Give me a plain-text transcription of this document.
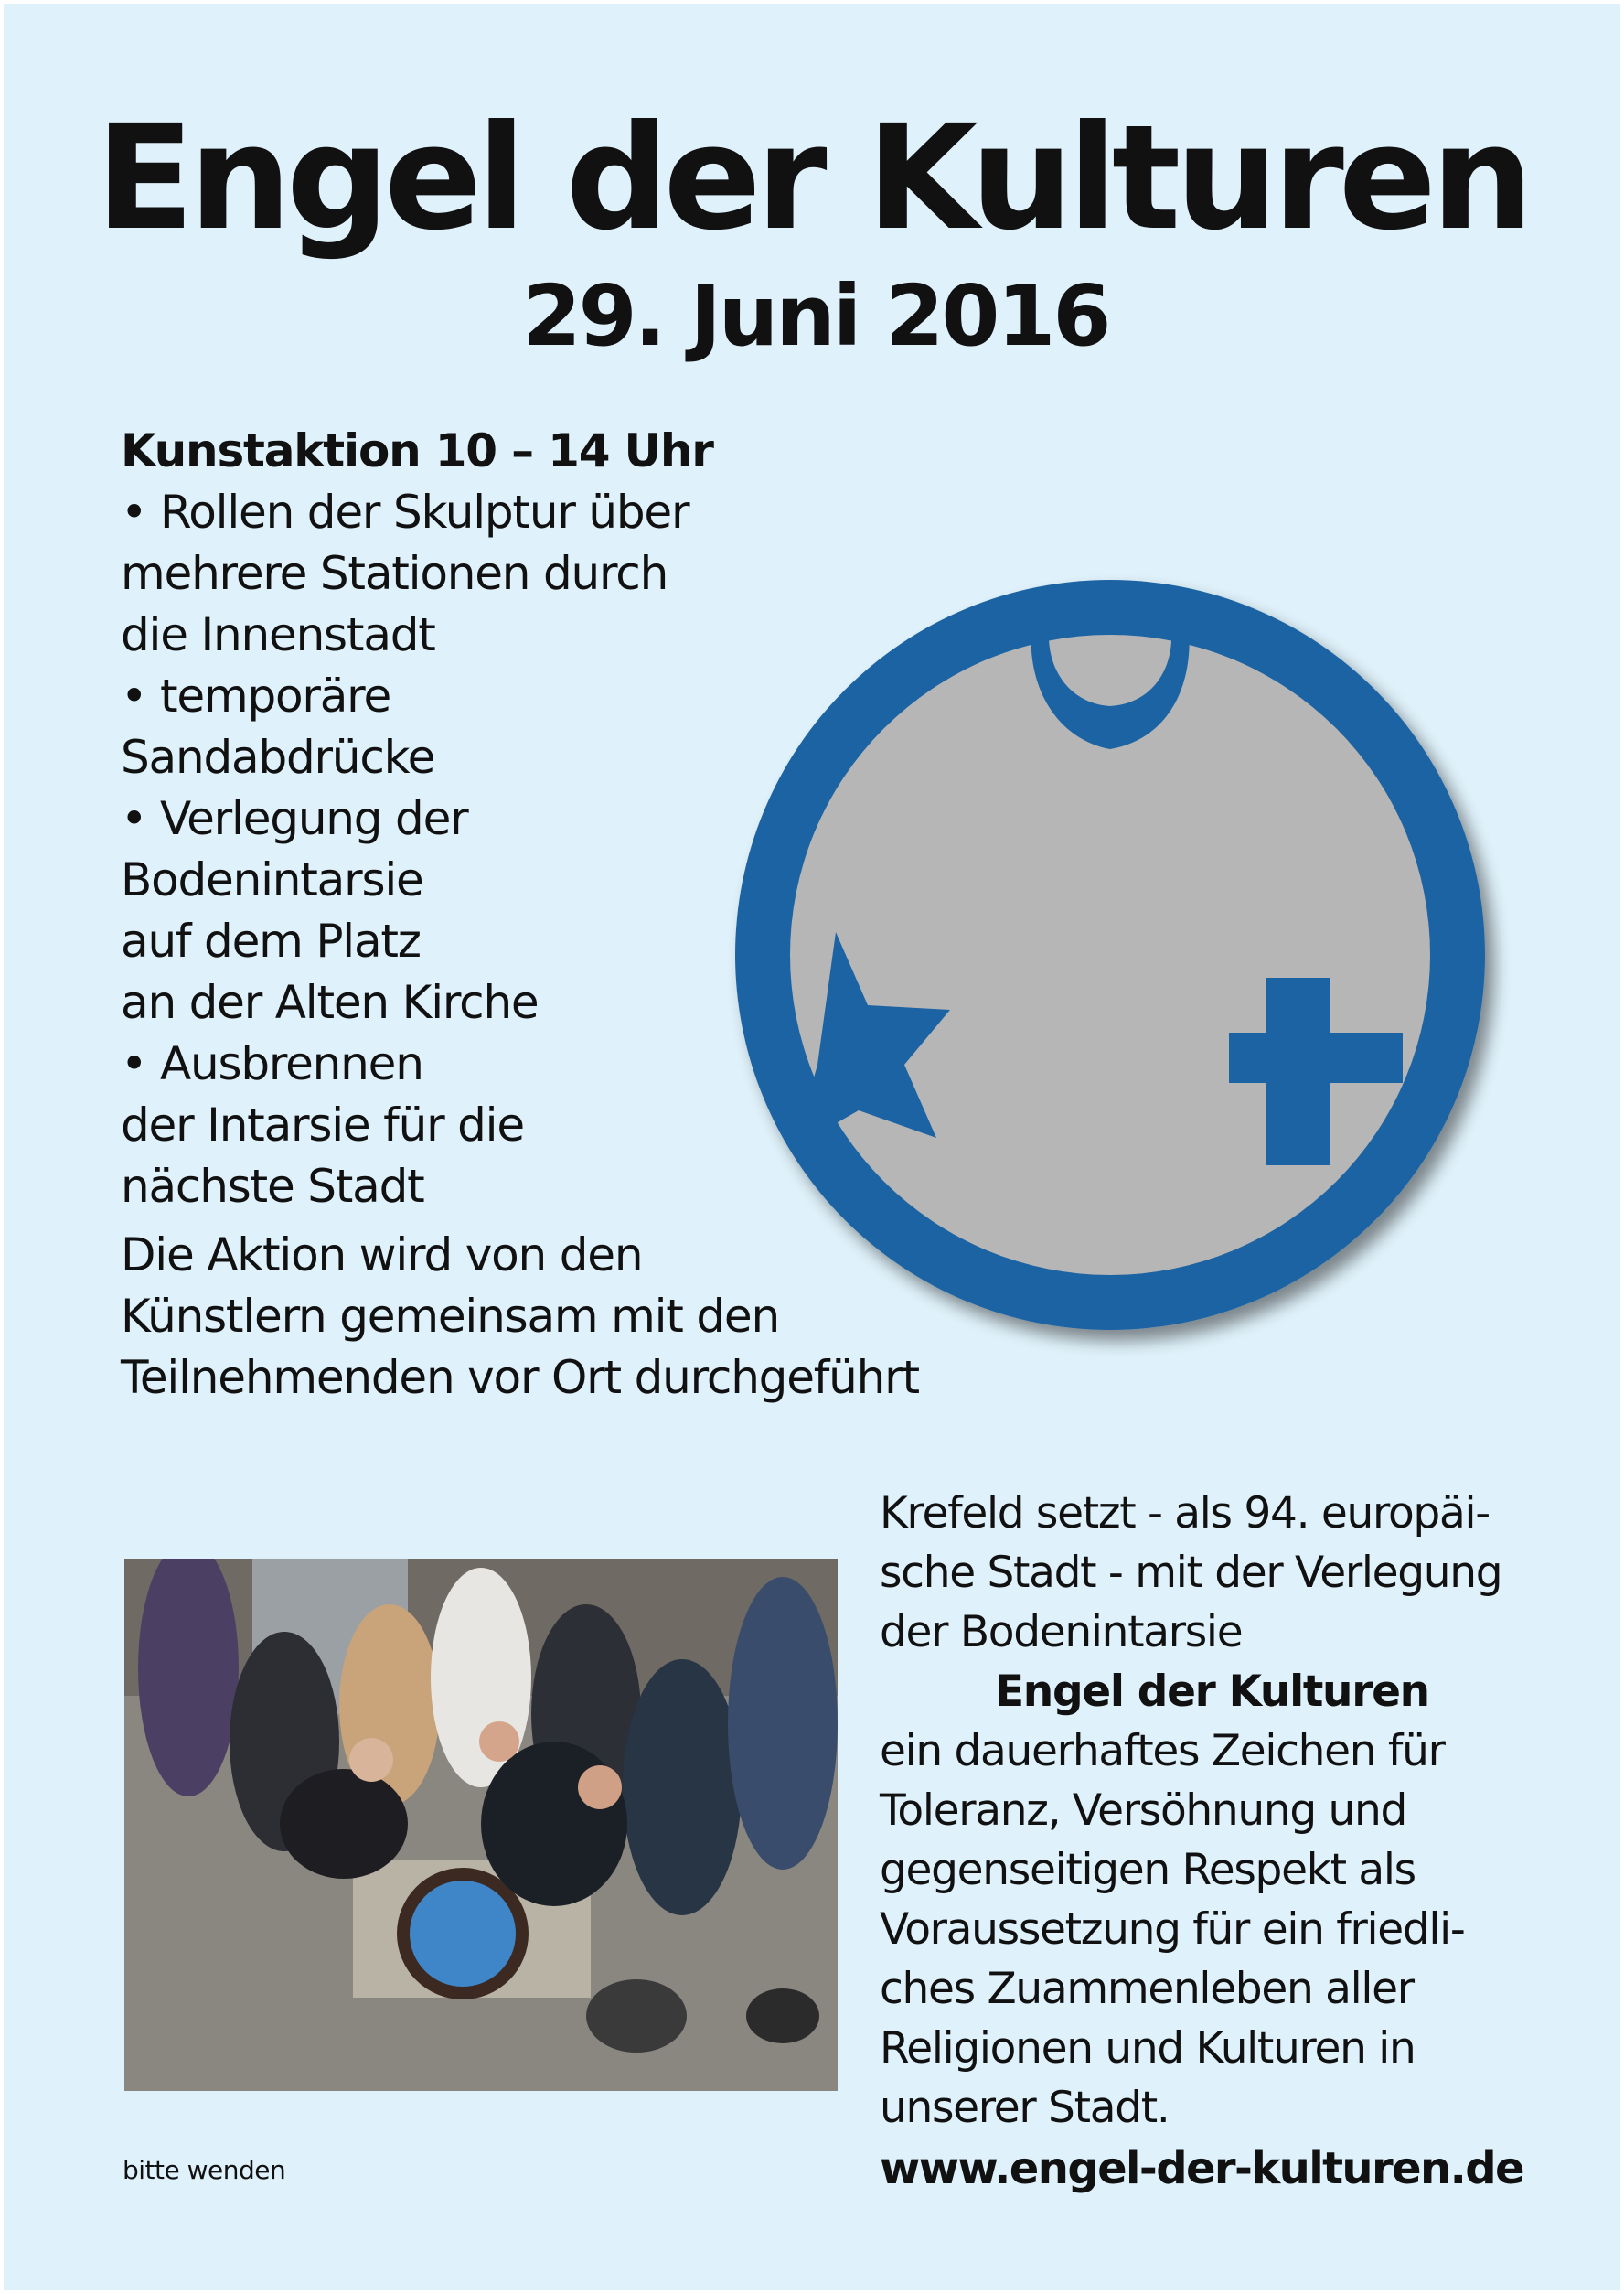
Engel der Kulturen
29. Juni 2016
Kunstaktion 10 – 14 Uhr
• Rollen der Skulptur über
mehrere Stationen durch
die Innenstadt
• temporäre
Sandabdrücke
• Verlegung der
Bodenintarsie
auf dem Platz
an der Alten Kirche
• Ausbrennen
der Intarsie für die
nächste Stadt
Die Aktion wird von den
Künstlern gemeinsam mit den
Teilnehmenden vor Ort durchgeführt
Krefeld setzt - als 94. europäi-
sche Stadt - mit der Verlegung
der Bodenintarsie
Engel der Kulturen
ein dauerhaftes Zeichen für
Toleranz, Versöhnung und
gegenseitigen Respekt als
Voraussetzung für ein friedli-
ches Zuammenleben aller
Religionen und Kulturen in
unserer Stadt.
www.engel-der-kulturen.de
bitte wenden
